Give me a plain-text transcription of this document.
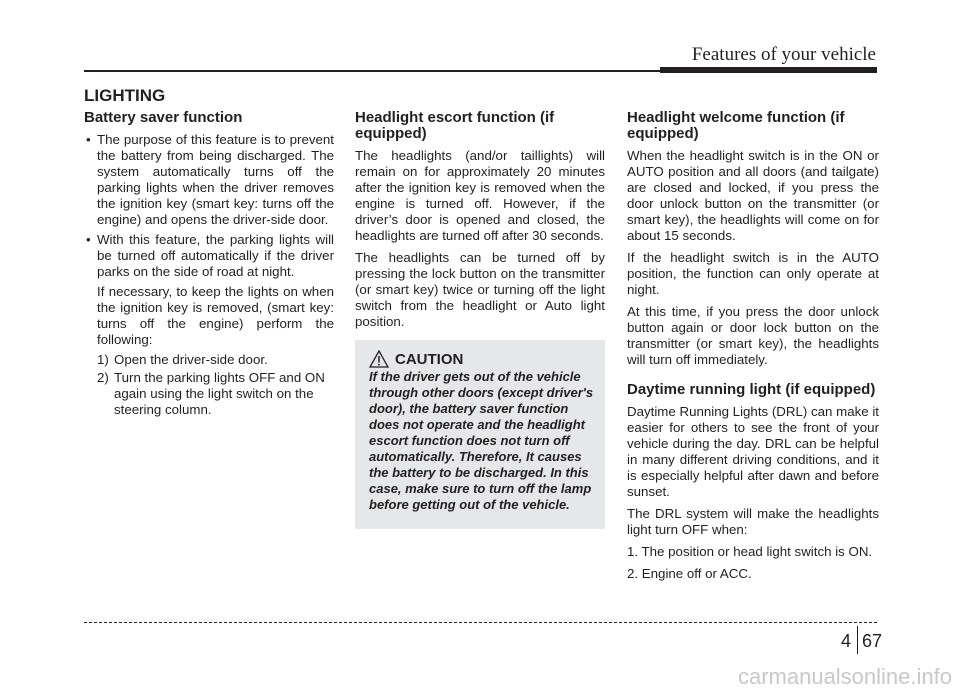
Features of your vehicle
LIGHTING
Battery saver function
• The purpose of this feature is to prevent the battery from being discharged. The system automatically turns off the parking lights when the driver removes the ignition key (smart key: turns off the engine) and opens the driver-side door.
• With this feature, the parking lights will be turned off automatically if the driver parks on the side of road at night.

If necessary, to keep the lights on when the ignition key is removed, (smart key: turns off the engine) perform the following:

1) Open the driver-side door.
2) Turn the parking lights OFF and ON again using the light switch on the steering column.
Headlight escort function (if equipped)

The headlights (and/or taillights) will remain on for approximately 20 minutes after the ignition key is removed when the engine is turned off. However, if the driver’s door is opened and closed, the headlights are turned off after 30 seconds.

The headlights can be turned off by pressing the lock button on the transmitter (or smart key) twice or turning off the light switch from the headlight or Auto light position.

CAUTION

If the driver gets out of the vehicle through other doors (except driver's door), the battery saver function does not operate and the headlight escort function does not turn off automatically. Therefore, It causes the battery to be discharged. In this case, make sure to turn off the lamp before getting out of the vehicle.

Headlight welcome function (if equipped)

When the headlight switch is in the ON or AUTO position and all doors (and tailgate) are closed and locked, if you press the door unlock button on the transmitter (or smart key), the headlights will come on for about 15 seconds.

If the headlight switch is in the AUTO position, the function can only operate at night.

At this time, if you press the door unlock button again or door lock button on the transmitter (or smart key), the headlights will turn off immediately.

Daytime running light (if equipped)

Daytime Running Lights (DRL) can make it easier for others to see the front of your vehicle during the day. DRL can be helpful in many different driving conditions, and it is especially helpful after dawn and before sunset.

The DRL system will make the headlights light turn OFF when:

1. The position or head light switch is ON.

2. Engine off or ACC.

4 67
carmanualsonline.info
